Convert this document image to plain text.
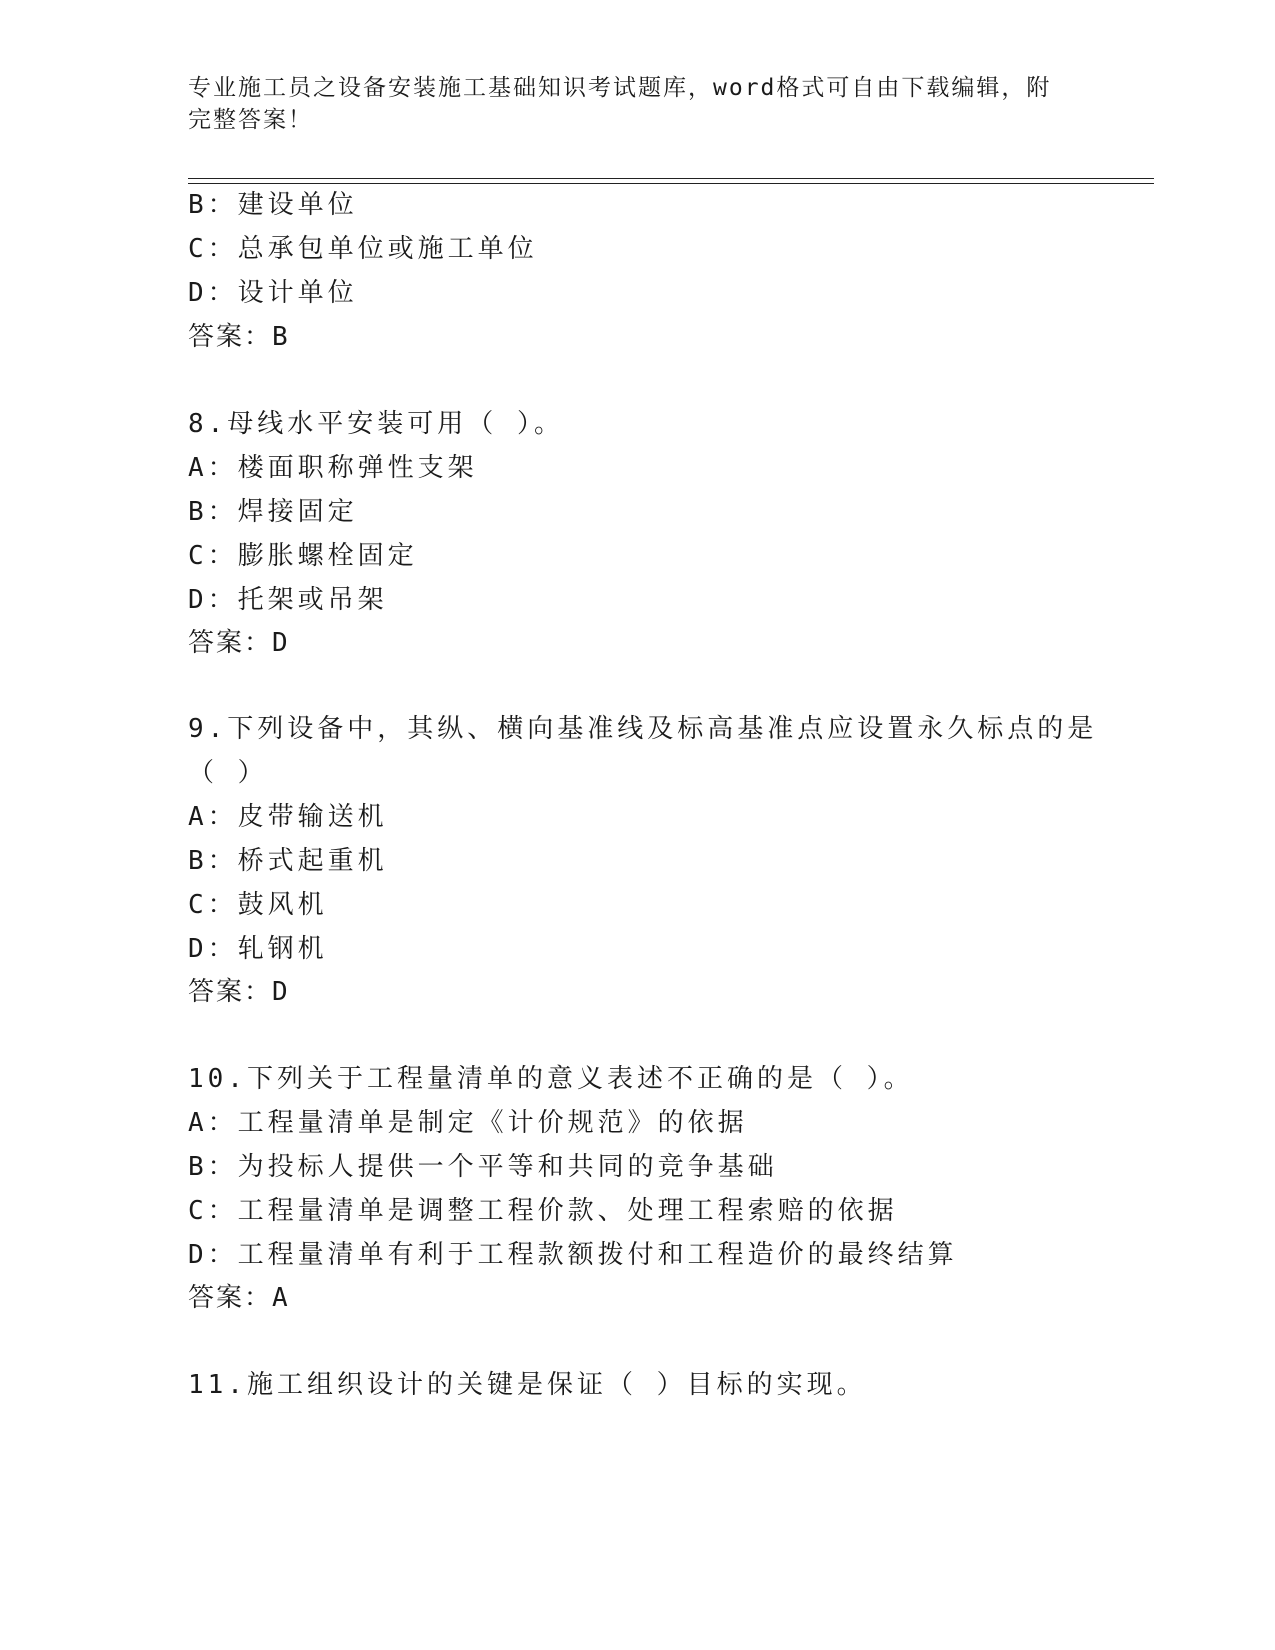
专业施工员之设备安装施工基础知识考试题库，word格式可自由下载编辑，附完整答案！
B：建设单位
C：总承包单位或施工单位
D：设计单位
答案：B
8.母线水平安装可用（ ）。
A：楼面职称弹性支架
B：焊接固定
C：膨胀螺栓固定
D：托架或吊架
答案：D
9.下列设备中，其纵、横向基准线及标高基准点应设置永久标点的是
（ ）
A：皮带输送机
B：桥式起重机
C：鼓风机
D：轧钢机
答案：D
10.下列关于工程量清单的意义表述不正确的是（ ）。
A：工程量清单是制定《计价规范》的依据
B：为投标人提供一个平等和共同的竞争基础
C：工程量清单是调整工程价款、处理工程索赔的依据
D：工程量清单有利于工程款额拨付和工程造价的最终结算
答案：A
11.施工组织设计的关键是保证（ ）目标的实现。
